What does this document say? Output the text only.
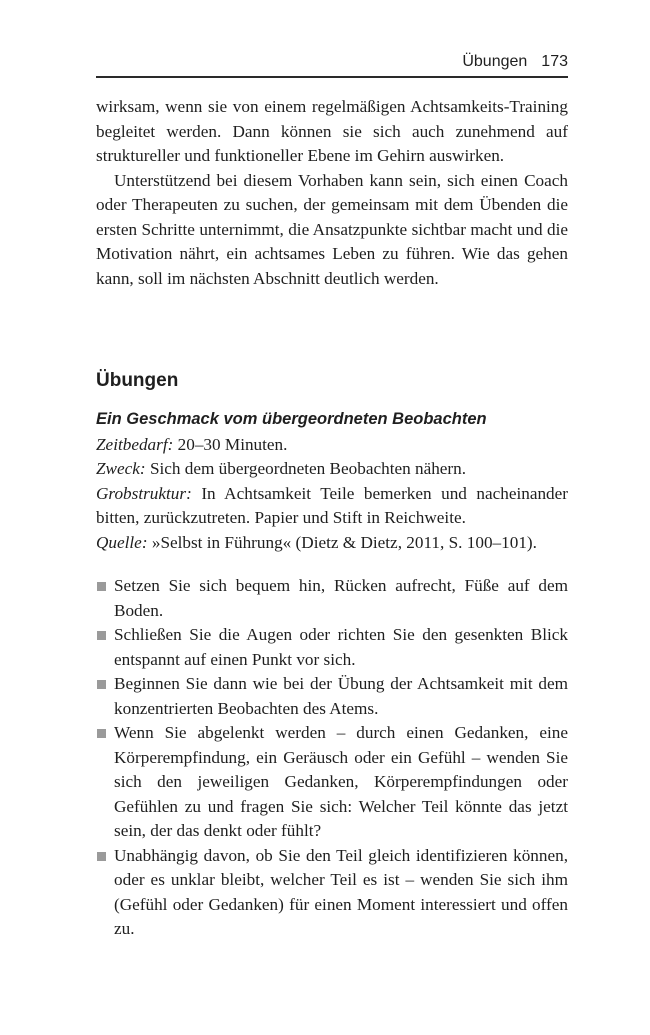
Übungen 173

wirksam, wenn sie von einem regelmäßigen Achtsamkeits-Training begleitet werden. Dann können sie sich auch zunehmend auf struktureller und funktioneller Ebene im Gehirn auswirken.

Unterstützend bei diesem Vorhaben kann sein, sich einen Coach oder Therapeuten zu suchen, der gemeinsam mit dem Übenden die ersten Schritte unternimmt, die Ansatzpunkte sichtbar macht und die Motivation nährt, ein achtsames Leben zu führen. Wie das gehen kann, soll im nächsten Abschnitt deutlich werden.

Übungen

Ein Geschmack vom übergeordneten Beobachten

Zeitbedarf: 20–30 Minuten.

Zweck: Sich dem übergeordneten Beobachten nähern.

Grobstruktur: In Achtsamkeit Teile bemerken und nacheinander bitten, zurückzutreten. Papier und Stift in Reichweite.

Quelle: »Selbst in Führung« (Dietz & Dietz, 2011, S. 100–101).

Setzen Sie sich bequem hin, Rücken aufrecht, Füße auf dem Boden.
Schließen Sie die Augen oder richten Sie den gesenkten Blick entspannt auf einen Punkt vor sich.
Beginnen Sie dann wie bei der Übung der Achtsamkeit mit dem konzentrierten Beobachten des Atems.
Wenn Sie abgelenkt werden – durch einen Gedanken, eine Körperempfindung, ein Geräusch oder ein Gefühl – wenden Sie sich den jeweiligen Gedanken, Körperempfindungen oder Gefühlen zu und fragen Sie sich: Welcher Teil könnte das jetzt sein, der das denkt oder fühlt?
Unabhängig davon, ob Sie den Teil gleich identifizieren können, oder es unklar bleibt, welcher Teil es ist – wenden Sie sich ihm (Gefühl oder Gedanken) für einen Moment interessiert und offen zu.
